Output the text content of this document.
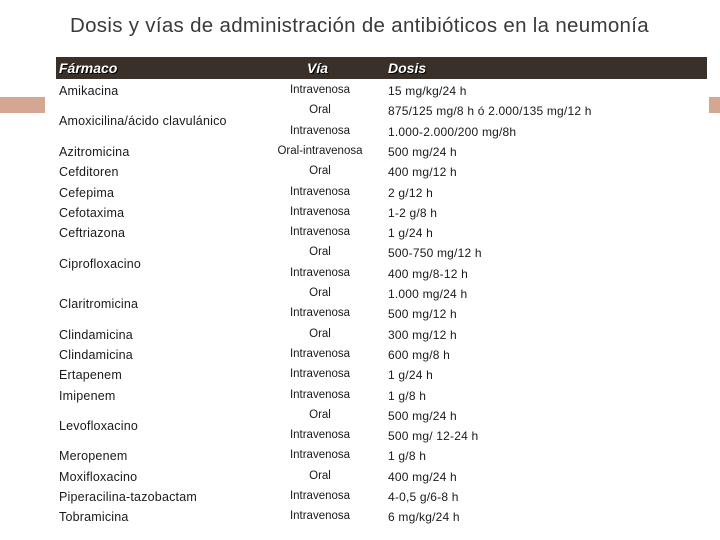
Dosis y vías de administración de antibióticos en la neumonía
Fármaco	Vía	Dosis
Amikacina	Intravenosa	15 mg/kg/24 h
Amoxicilina/ácido clavulánico
Oral	875/125 mg/8 h ó 2.000/135 mg/12 h
Intravenosa	1.000-2.000/200 mg/8h
Azitromicina	Oral-intravenosa	500 mg/24 h
Cefditoren	Oral	400 mg/12 h
Cefepima	Intravenosa	2 g/12 h
Cefotaxima	Intravenosa	1-2 g/8 h
Ceftriazona	Intravenosa	1 g/24 h
Ciprofloxacino
Oral	500-750 mg/12 h
Intravenosa	400 mg/8-12 h
Claritromicina
Oral	1.000 mg/24 h
Intravenosa	500 mg/12 h
Clindamicina	Oral	300 mg/12 h
Clindamicina	Intravenosa	600 mg/8 h
Ertapenem	Intravenosa	1 g/24 h
Imipenem	Intravenosa	1 g/8 h
Levofloxacino
Oral	500 mg/24 h
Intravenosa	500 mg/ 12-24 h
Meropenem	Intravenosa	1 g/8 h
Moxifloxacino	Oral	400 mg/24 h
Piperacilina-tazobactam	Intravenosa	4-0,5 g/6-8 h
Tobramicina	Intravenosa	6 mg/kg/24 h
